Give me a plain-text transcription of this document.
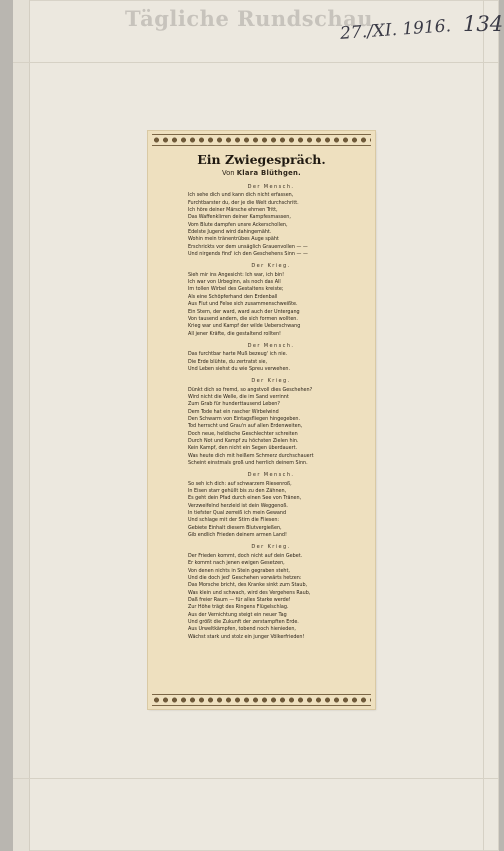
Tägliche Rundschau
27./XI. 1916. 134
Ein Zwiegespräch.
Von Klara Blüthgen.
Der Mensch.
Ich sehe dich und kann dich nicht erfassen,
Furchtbarster du, der je die Welt durchschritt.
Ich höre deiner Märsche ehrnen Tritt,
Das Waffenklirren deiner Kampfesmassen,
Vom Blute dampfen unsre Ackerschollen,
Edelste Jugend wird dahingemäht.
Wohin mein tränentrübes Auge späht
Erschrickts vor dem unsäglich Grauenvollen — —
Und nirgends find' ich den Geschehens Sinn — —
Der Krieg.
Sieh mir ins Angesicht: Ich war, ich bin!
Ich war von Urbeginn, als noch das All
Im tollen Wirbel des Gestaltens kreiste;
Als eine Schöpferhand den Erdenball
Aus Flut und Felse sich zusammenschweißte.
Ein Stern, der ward, ward auch der Untergang
Von tausend andern, die sich formen wollten.
Krieg war und Kampf der wilde Ueberschwang
All jener Kräfte, die gestaltend rollten!
Der Mensch.
Das furchtbar harte Muß bezeug' ich nie.
Die Erde blühte, du zertratst sie,
Und Leben siehst du wie Spreu verwehen.
Der Krieg.
Dünkt dich so fremd, so angstvoll dies Geschehen?
Wird nicht die Welle, die im Sand verrinnt
Zum Grab für hunderttausend Leben?
Dem Tode hat ein rascher Wirbelwind
Den Schwarm von Eintagsfliegen hingegeben.
Tod herrscht und Grau'n auf allen Erdenweiten,
Doch neue, heldische Geschlechter schreiten
Durch Not und Kampf zu höchsten Zielen hin.
Kein Kampf, den nicht ein Segen überdauert.
Was heute dich mit heißem Schmerz durchschauert
Scheint einstmals groß und herrlich deinem Sinn.
Der Mensch.
So seh ich dich: auf schwarzem Riesenroß,
In Eisen starr gehüllt bis zu den Zähnen,
Es geht dein Pfad durch einen See von Tränen,
Verzweifelnd herzleid ist dein Weggenoß.
In tiefster Qual zerreiß ich mein Gewand
Und schlage mit der Stirn die Fliesen:
Gebiete Einhalt diesem Blutvergießen,
Gib endlich Frieden deinem armen Land!
Der Krieg.
Der Frieden kommt, doch nicht auf dein Gebet.
Er kommt nach jenen ewigen Gesetzen,
Von denen nichts in Stein gegraben steht,
Und die doch jed' Geschehen vorwärts hetzen:
Das Morsche bricht, des Kranke sinkt zum Staub,
Was klein und schwach, wird des Vergehens Raub,
Daß freier Raum — für alles Starke werde!
Zur Höhe trägt des Ringens Flügelschlag.
Aus der Vernichtung steigt ein neuer Tag
Und größt die Zukunft der zerstampften Erde.
Aus Urweltkämpfen, tobend noch hienieden,
Wächst stark und stolz ein junger Völkerfrieden!
